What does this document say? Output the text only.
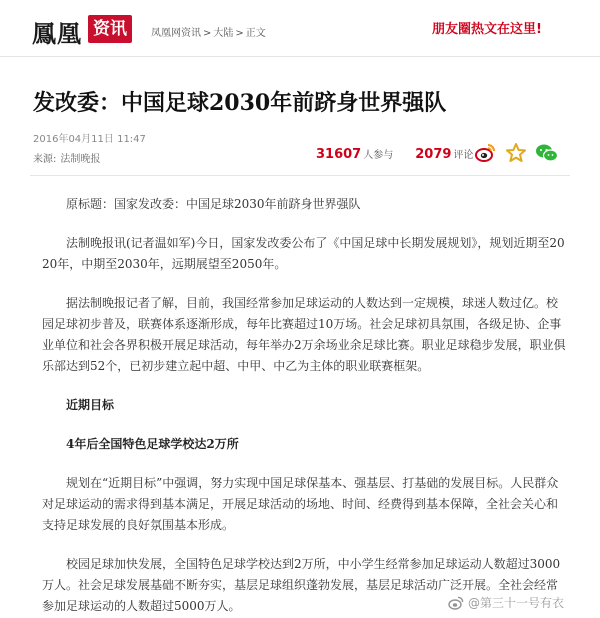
鳳凰 资讯	凤凰网资讯 > 大陆 > 正文	朋友圈热文在这里!
发改委：中国足球2030年前跻身世界强队
2016年04月11日 11:47
来源: 法制晚报	31607 人参与 2079 评论

原标题：国家发改委：中国足球2030年前跻身世界强队

法制晚报讯(记者温如军)今日，国家发改委公布了《中国足球中长期发展规划》，规划近期至2020年，中期至2030年，远期展望至2050年。

据法制晚报记者了解，目前，我国经常参加足球运动的人数达到一定规模，球迷人数过亿。校园足球初步普及，联赛体系逐渐形成，每年比赛超过10万场。社会足球初具氛围，各级足协、企事业单位和社会各界积极开展足球活动，每年举办2万余场业余足球比赛。职业足球稳步发展，职业俱乐部达到52个，已初步建立起中超、中甲、中乙为主体的职业联赛框架。

近期目标

4年后全国特色足球学校达2万所

规划在“近期目标”中强调，努力实现中国足球保基本、强基层、打基础的发展目标。人民群众对足球运动的需求得到基本满足，开展足球活动的场地、时间、经费得到基本保障，全社会关心和支持足球发展的良好氛围基本形成。

校园足球加快发展，全国特色足球学校达到2万所，中小学生经常参加足球运动人数超过3000万人。社会足球发展基础不断夯实，基层足球组织蓬勃发展，基层足球活动广泛开展。全社会经常参加足球运动的人数超过5000万人。	@第三十一号有衣
